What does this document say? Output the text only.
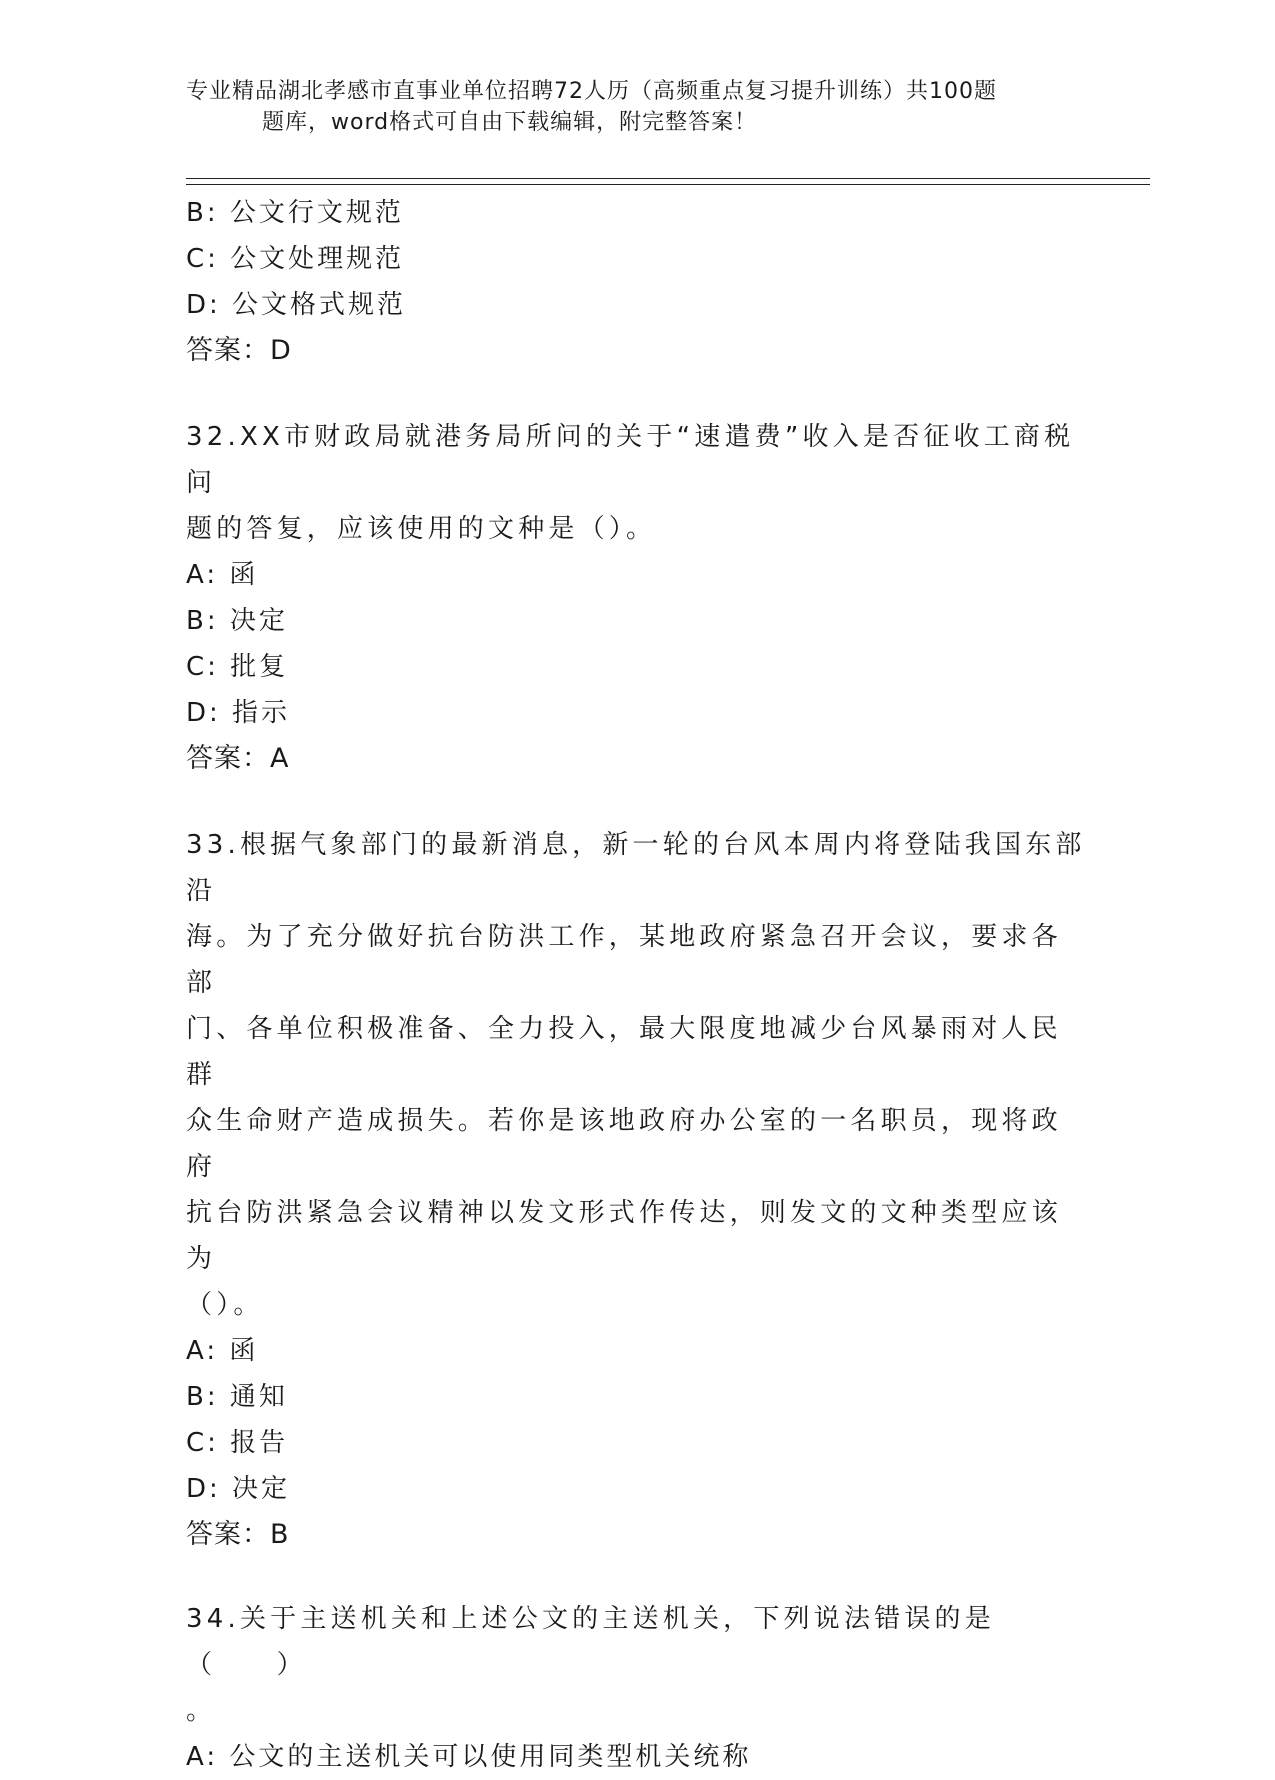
专业精品湖北孝感市直事业单位招聘72人历（高频重点复习提升训练）共100题
题库，word格式可自由下载编辑，附完整答案！

B: 公文行文规范

C: 公文处理规范

D: 公文格式规范

答案：D

32.XX市财政局就港务局所问的关于“速遣费”收入是否征收工商税问

题的答复，应该使用的文种是（）。

A: 函

B: 决定

C: 批复

D: 指示

答案：A

33.根据气象部门的最新消息，新一轮的台风本周内将登陆我国东部沿

海。为了充分做好抗台防洪工作，某地政府紧急召开会议，要求各部

门、各单位积极准备、全力投入，最大限度地减少台风暴雨对人民群

众生命财产造成损失。若你是该地政府办公室的一名职员，现将政府

抗台防洪紧急会议精神以发文形式作传达，则发文的文种类型应该为

（）。

A: 函

B: 通知

C: 报告

D: 决定

答案：B

34.关于主送机关和上述公文的主送机关，下列说法错误的是（　　）

。

A: 公文的主送机关可以使用同类型机关统称
